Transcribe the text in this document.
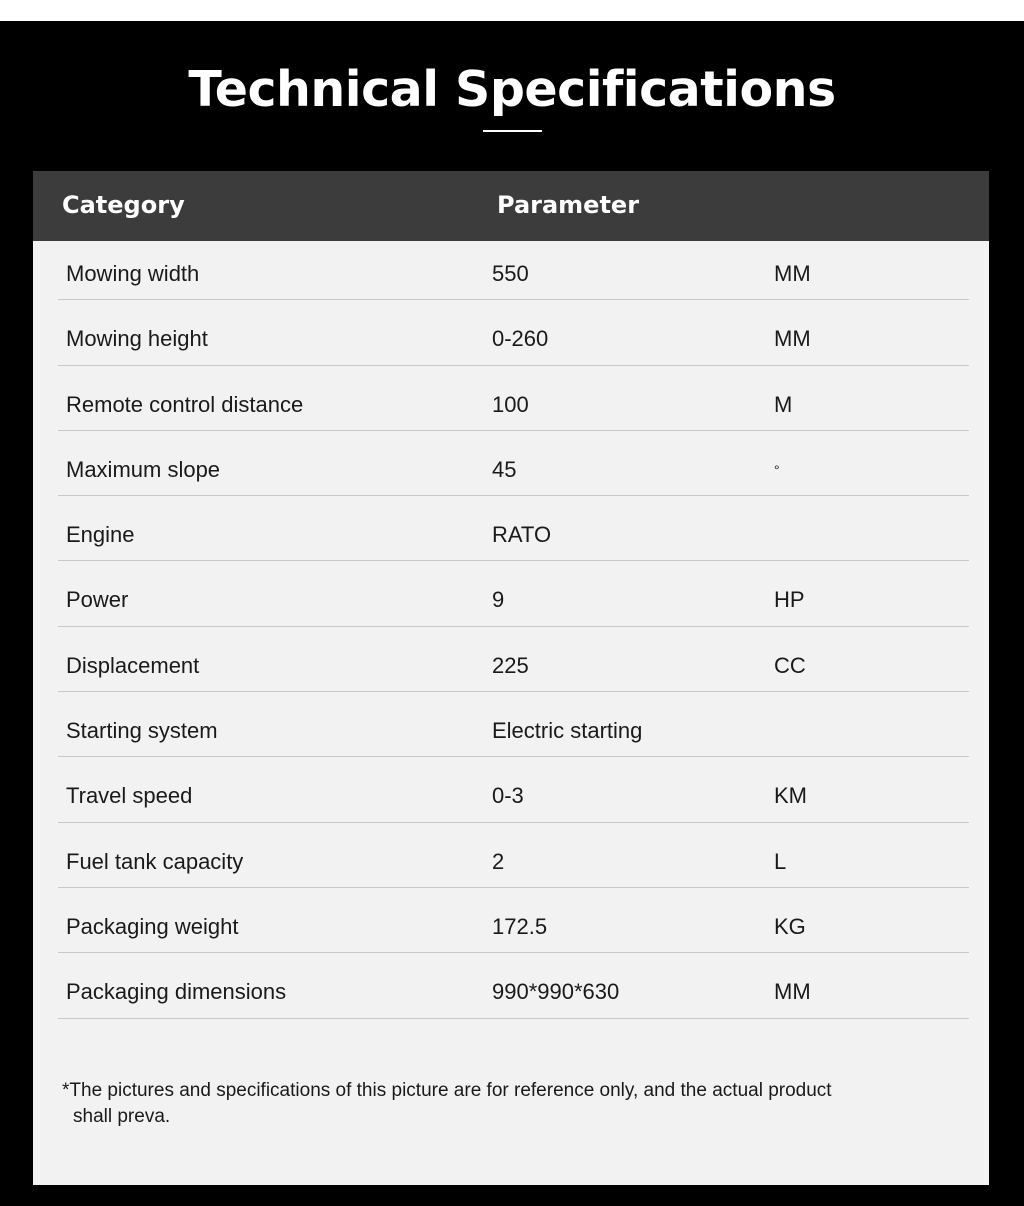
Technical Specifications
Category	Parameter
Mowing width	550	MM
Mowing height	0-260	MM
Remote control distance	100	M
Maximum slope	45	°
Engine	RATO
Power	9	HP
Displacement	225	CC
Starting system	Electric starting
Travel speed	0-3	KM
Fuel tank capacity	2	L
Packaging weight	172.5	KG
Packaging dimensions	990*990*630	MM
*The pictures and specifications of this picture are for reference only, and the actual product
shall preva.
